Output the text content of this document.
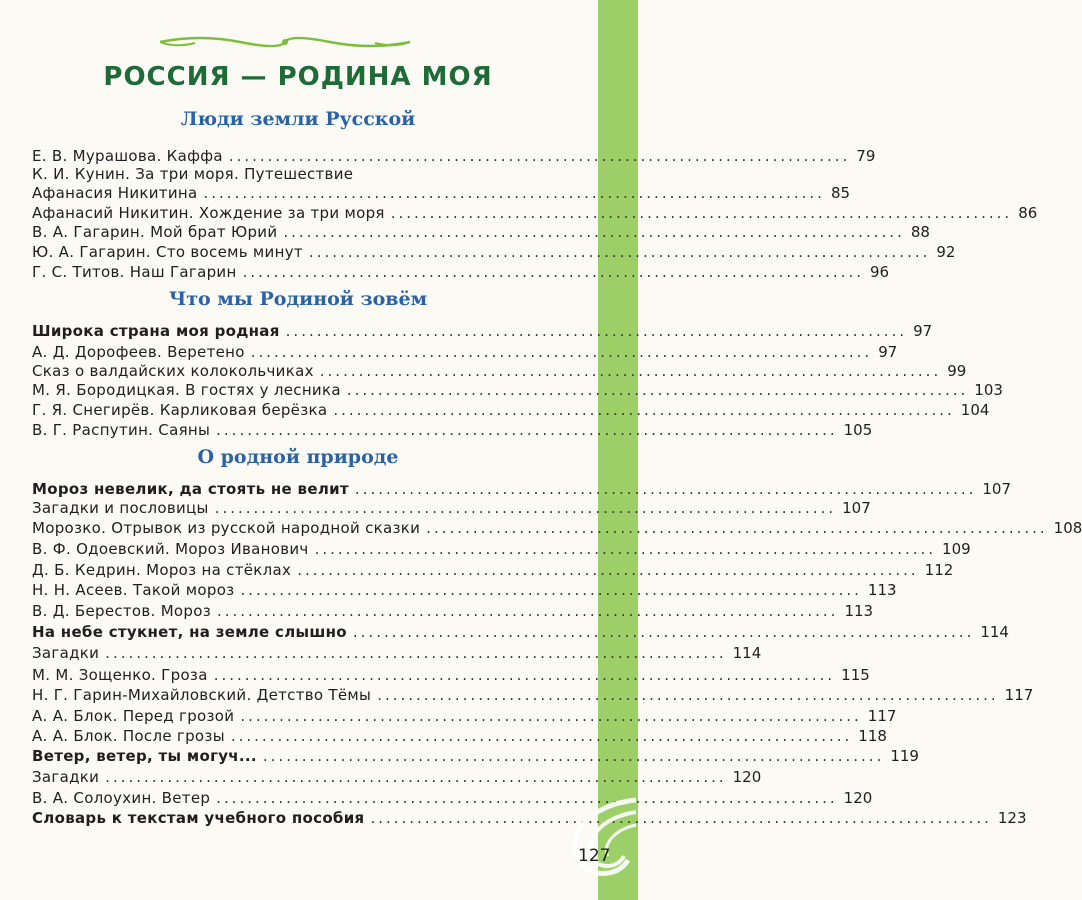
РОССИЯ — РОДИНА МОЯ
Люди земли Русской
Е. В. Мурашова. Каффа ................................................................................ 79
К. И. Кунин. За три моря. Путешествие
Афанасия Никитина ................................................................................ 85
Афанасий Никитин. Хождение за три моря ................................................................................ 86
В. А. Гагарин. Мой брат Юрий ................................................................................ 88
Ю. А. Гагарин. Сто восемь минут ................................................................................ 92
Г. С. Титов. Наш Гагарин ................................................................................ 96
Что мы Родиной зовём
Широка страна моя родная ................................................................................ 97
А. Д. Дорофеев. Веретено ................................................................................ 97
Сказ о валдайских колокольчиках ................................................................................ 99
М. Я. Бородицкая. В гостях у лесника ................................................................................ 103
Г. Я. Снегирёв. Карликовая берёзка ................................................................................ 104
В. Г. Распутин. Саяны ................................................................................ 105
О родной природе
Мороз невелик, да стоять не велит ................................................................................ 107
Загадки и пословицы ................................................................................ 107
Морозко. Отрывок из русской народной сказки ................................................................................ 108
В. Ф. Одоевский. Мороз Иванович ................................................................................ 109
Д. Б. Кедрин. Мороз на стёклах ................................................................................ 112
Н. Н. Асеев. Такой мороз ................................................................................ 113
В. Д. Берестов. Мороз ................................................................................ 113
На небе стукнет, на земле слышно ................................................................................ 114
Загадки ................................................................................ 114
М. М. Зощенко. Гроза ................................................................................ 115
Н. Г. Гарин-Михайловский. Детство Тёмы ................................................................................ 117
А. А. Блок. Перед грозой ................................................................................ 117
А. А. Блок. После грозы ................................................................................ 118
Ветер, ветер, ты могуч... ................................................................................ 119
Загадки ................................................................................ 120
В. А. Солоухин. Ветер ................................................................................ 120
Словарь к текстам учебного пособия ................................................................................ 123
127
